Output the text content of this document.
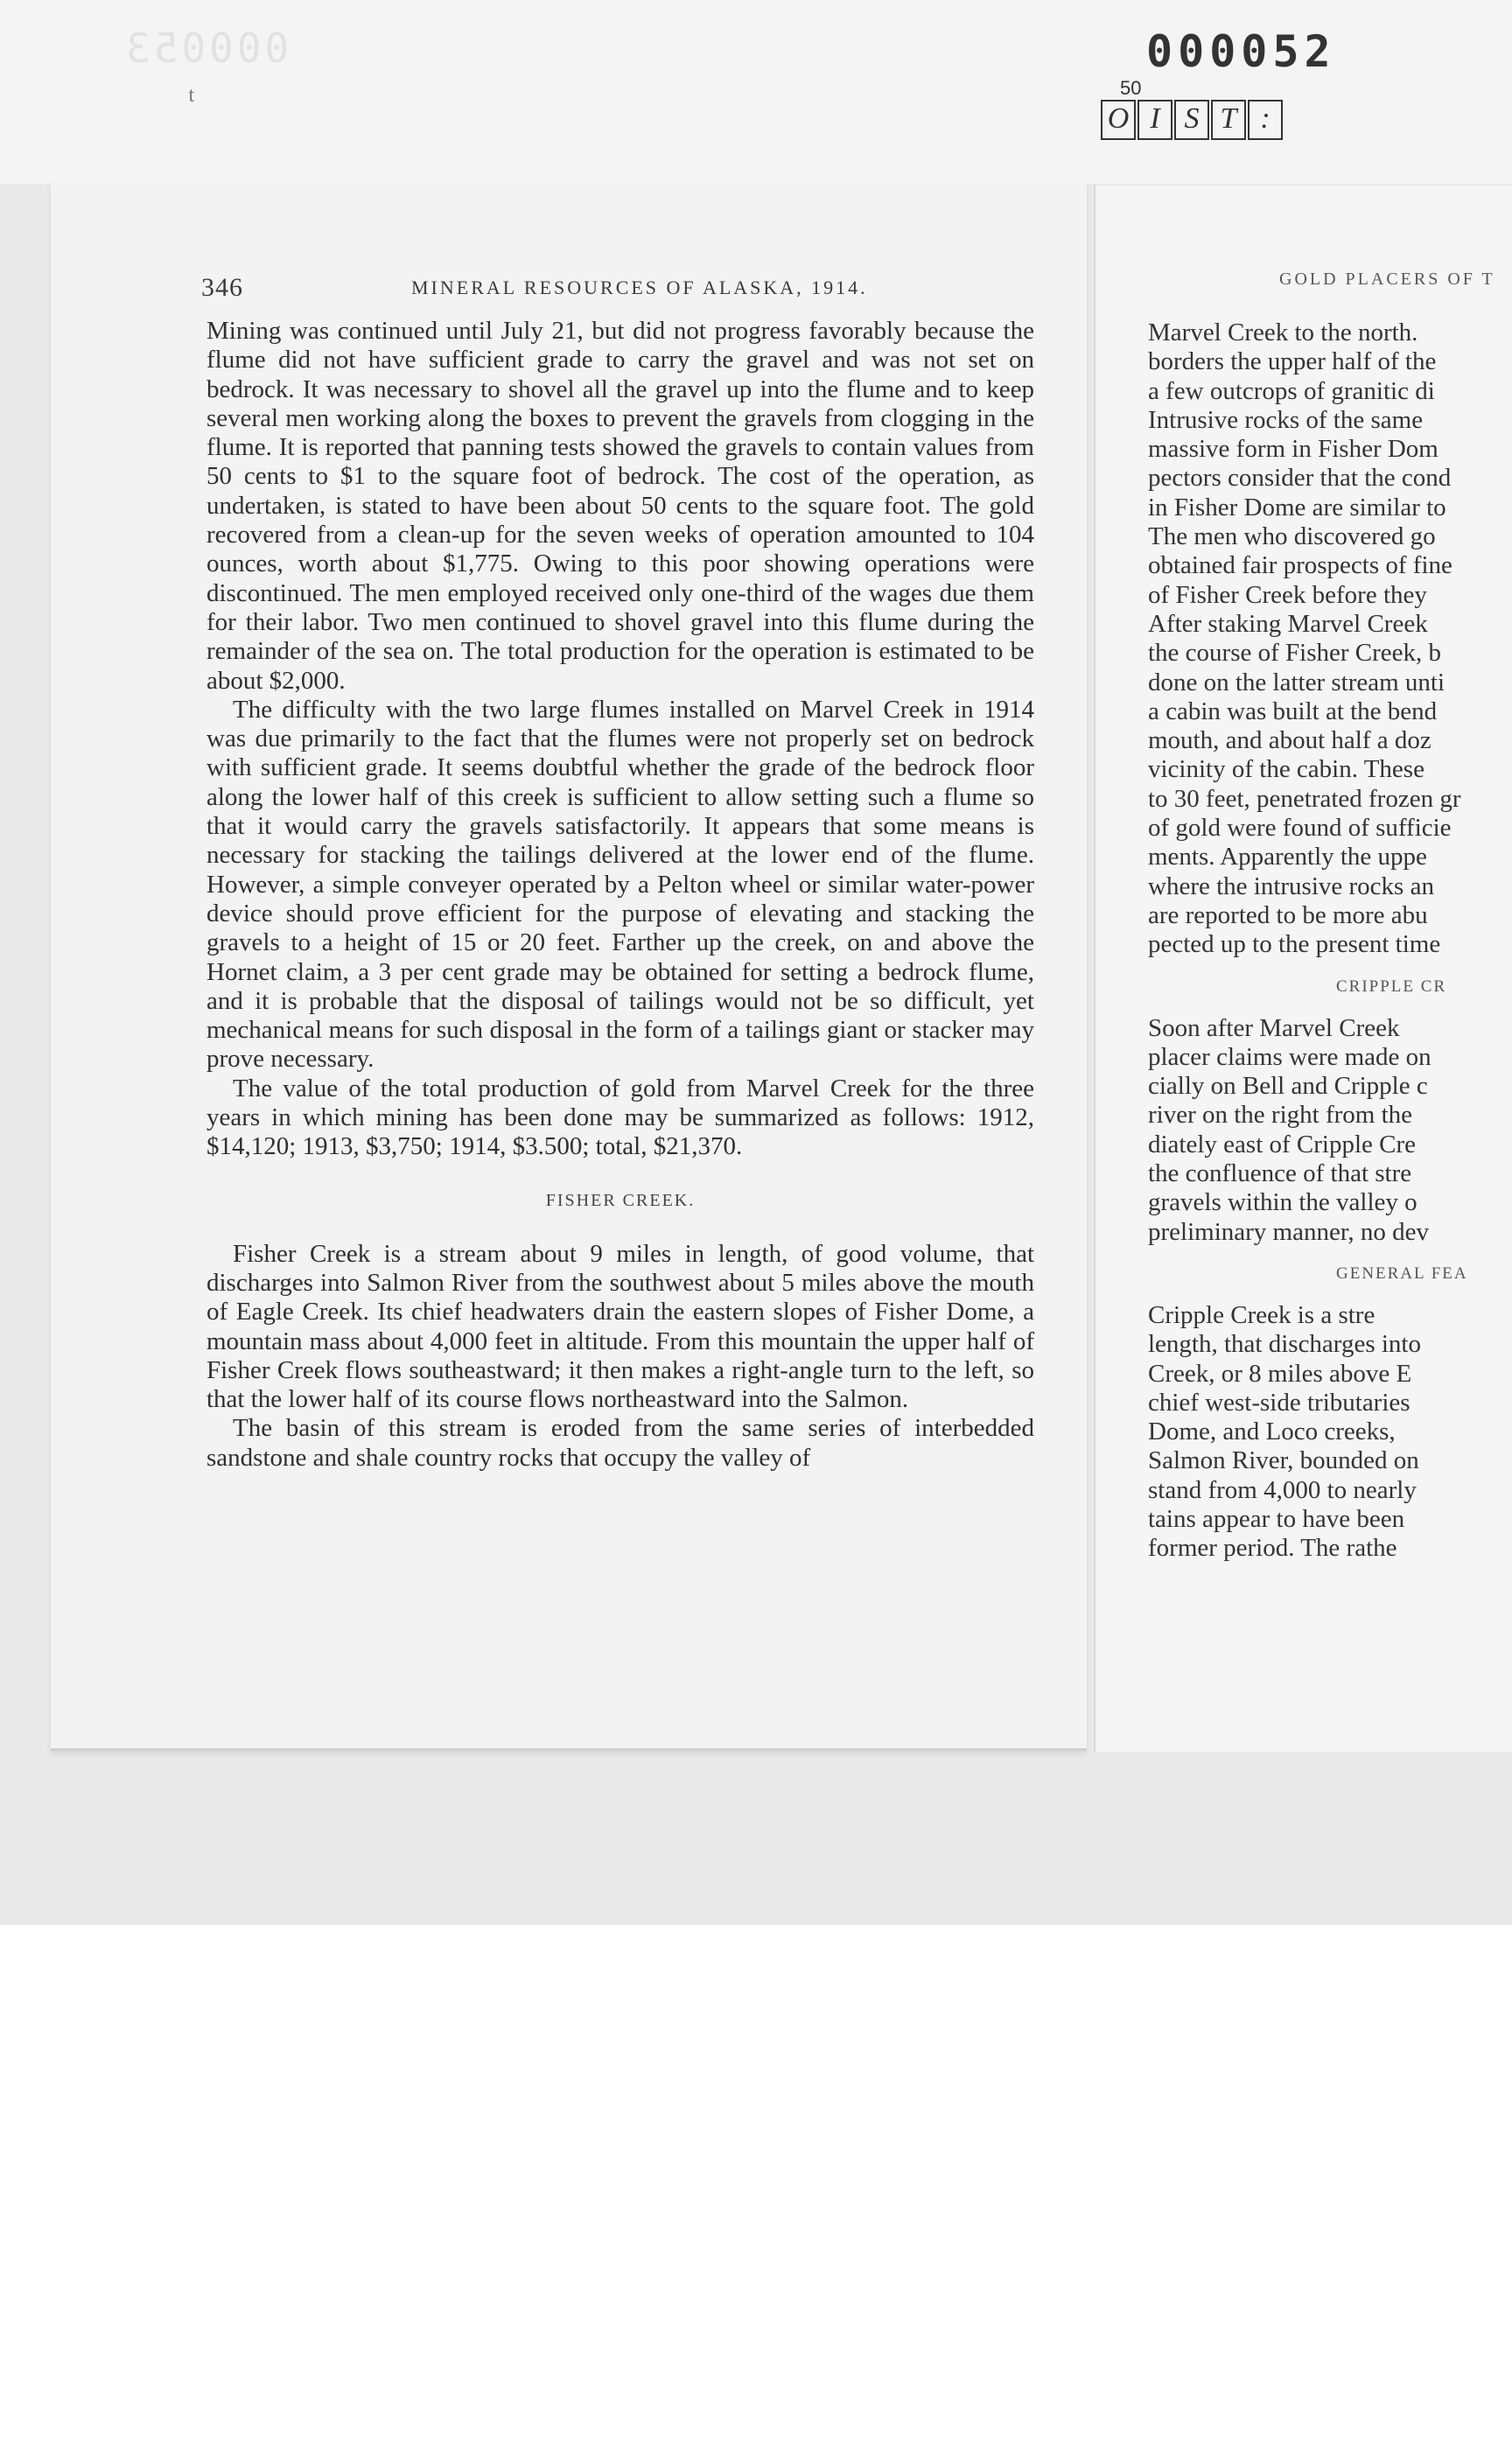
000053
ᵗ
000052
50
O I S T :
346	MINERAL RESOURCES OF ALASKA, 1914.

Mining was continued until July 21, but did not progress favorably because the flume did not have sufficient grade to carry the gravel and was not set on bedrock. It was necessary to shovel all the gravel up into the flume and to keep several men working along the boxes to prevent the gravels from clogging in the flume. It is reported that panning tests showed the gravels to contain values from 50 cents to $1 to the square foot of bedrock. The cost of the operation, as undertaken, is stated to have been about 50 cents to the square foot. The gold recovered from a clean-up for the seven weeks of operation amounted to 104 ounces, worth about $1,775. Owing to this poor showing operations were discontinued. The men employed received only one-third of the wages due them for their labor. Two men continued to shovel gravel into this flume during the remainder of the sea on. The total production for the operation is estimated to be about $2,000.

The difficulty with the two large flumes installed on Marvel Creek in 1914 was due primarily to the fact that the flumes were not properly set on bedrock with sufficient grade. It seems doubtful whether the grade of the bedrock floor along the lower half of this creek is sufficient to allow setting such a flume so that it would carry the gravels satisfactorily. It appears that some means is necessary for stacking the tailings delivered at the lower end of the flume. However, a simple conveyer operated by a Pelton wheel or similar water-power device should prove efficient for the purpose of elevating and stacking the gravels to a height of 15 or 20 feet. Farther up the creek, on and above the Hornet claim, a 3 per cent grade may be obtained for setting a bedrock flume, and it is probable that the disposal of tailings would not be so difficult, yet mechanical means for such disposal in the form of a tailings giant or stacker may prove necessary.

The value of the total production of gold from Marvel Creek for the three years in which mining has been done may be summarized as follows: 1912, $14,120; 1913, $3,750; 1914, $3.500; total, $21,370.

FISHER CREEK.

Fisher Creek is a stream about 9 miles in length, of good volume, that discharges into Salmon River from the southwest about 5 miles above the mouth of Eagle Creek. Its chief headwaters drain the eastern slopes of Fisher Dome, a mountain mass about 4,000 feet in altitude. From this mountain the upper half of Fisher Creek flows southeastward; it then makes a right-angle turn to the left, so that the lower half of its course flows northeastward into the Salmon.

The basin of this stream is eroded from the same series of interbedded sandstone and shale country rocks that occupy the valley of

GOLD PLACERS OF T
Marvel Creek to the north.
borders the upper half of the
a few outcrops of granitic di
Intrusive rocks of the same
massive form in Fisher Dom
pectors consider that the cond
in Fisher Dome are similar to
The men who discovered go
obtained fair prospects of fine
of Fisher Creek before they
After staking Marvel Creek
the course of Fisher Creek, b
done on the latter stream unti
a cabin was built at the bend
mouth, and about half a doz
vicinity of the cabin. These
to 30 feet, penetrated frozen gr
of gold were found of sufficie
ments. Apparently the uppe
where the intrusive rocks an
are reported to be more abu
pected up to the present time
CRIPPLE CR
Soon after Marvel Creek
placer claims were made on
cially on Bell and Cripple c
river on the right from the
diately east of Cripple Cre
the confluence of that stre
gravels within the valley o
preliminary manner, no dev
GENERAL FEA
Cripple Creek is a stre
length, that discharges into
Creek, or 8 miles above E
chief west-side tributaries
Dome, and Loco creeks,
Salmon River, bounded on
stand from 4,000 to nearly
tains appear to have been
former period. The rathe
